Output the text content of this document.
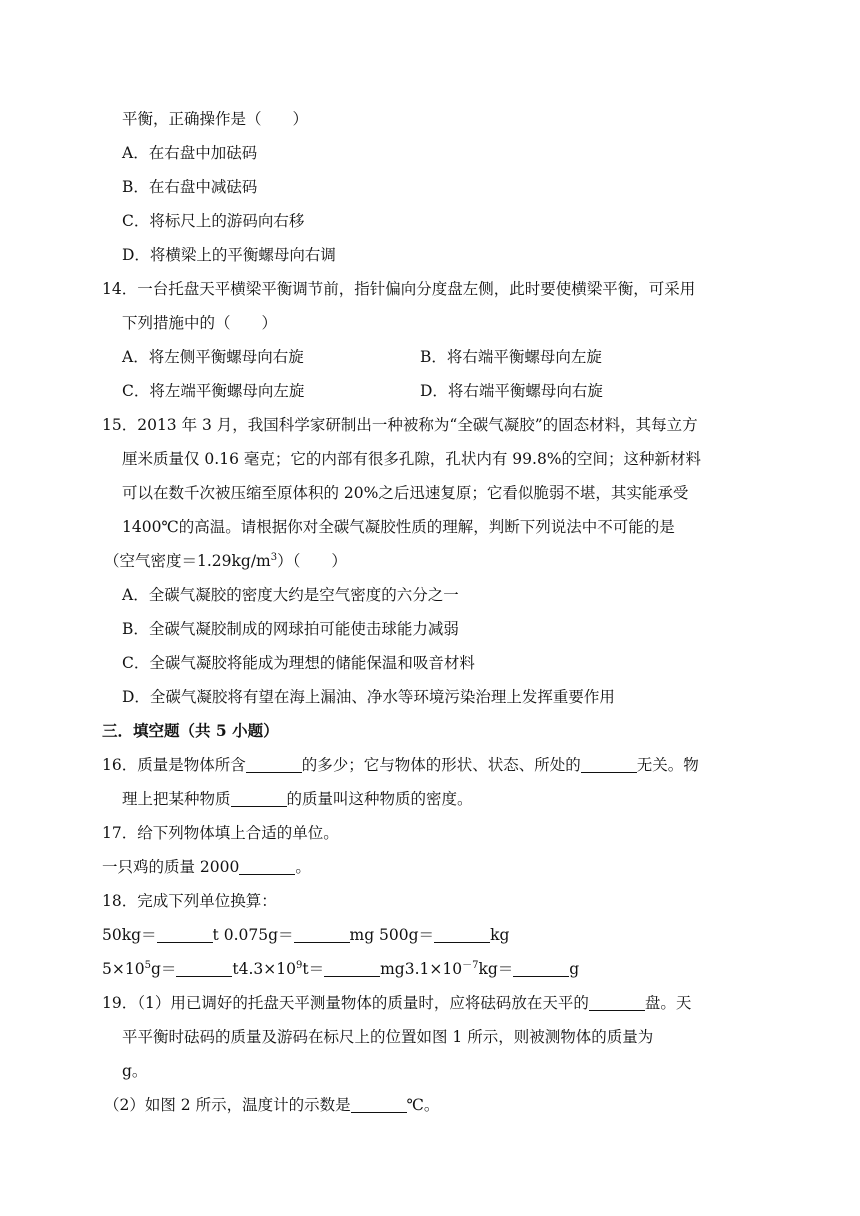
平衡，正确操作是（　　）
A．在右盘中加砝码
B．在右盘中减砝码
C．将标尺上的游码向右移
D．将横梁上的平衡螺母向右调
14．一台托盘天平横梁平衡调节前，指针偏向分度盘左侧，此时要使横梁平衡，可采用
下列措施中的（　　）
A．将左侧平衡螺母向右旋	B．将右端平衡螺母向左旋
C．将左端平衡螺母向左旋	D．将右端平衡螺母向右旋
15．2013 年 3 月，我国科学家研制出一种被称为“全碳气凝胶”的固态材料，其每立方
厘米质量仅 0.16 毫克；它的内部有很多孔隙，孔状内有 99.8%的空间；这种新材料
可以在数千次被压缩至原体积的 20%之后迅速复原；它看似脆弱不堪，其实能承受
1400℃的高温。请根据你对全碳气凝胶性质的理解，判断下列说法中不可能的是
（空气密度$=1.29kg/m^3$）（　　）
A．全碳气凝胶的密度大约是空气密度的六分之一
B．全碳气凝胶制成的网球拍可能使击球能力减弱
C．全碳气凝胶将能成为理想的储能保温和吸音材料
D．全碳气凝胶将有望在海上漏油、净水等环境污染治理上发挥重要作用
三．填空题（共 5 小题）
16．质量是物体所含	的多少；它与物体的形状、状态、所处的	无关。物
理上把某种物质	的质量叫这种物质的密度。
17．给下列物体填上合适的单位。
一只鸡的质量 2000	。
18．完成下列单位换算：
50kg＝	t 0.075g＝	mg 500g＝	kg
$5\times 10^5g=$	$t4.3\times 10^9t=$	$mg3.1\times 10^{-7}kg=$	g
19．（1）用已调好的托盘天平测量物体的质量时，应将砝码放在天平的	盘。天
平平衡时砝码的质量及游码在标尺上的位置如图 1 所示，则被测物体的质量为
g。
（2）如图 2 所示，温度计的示数是	℃。
